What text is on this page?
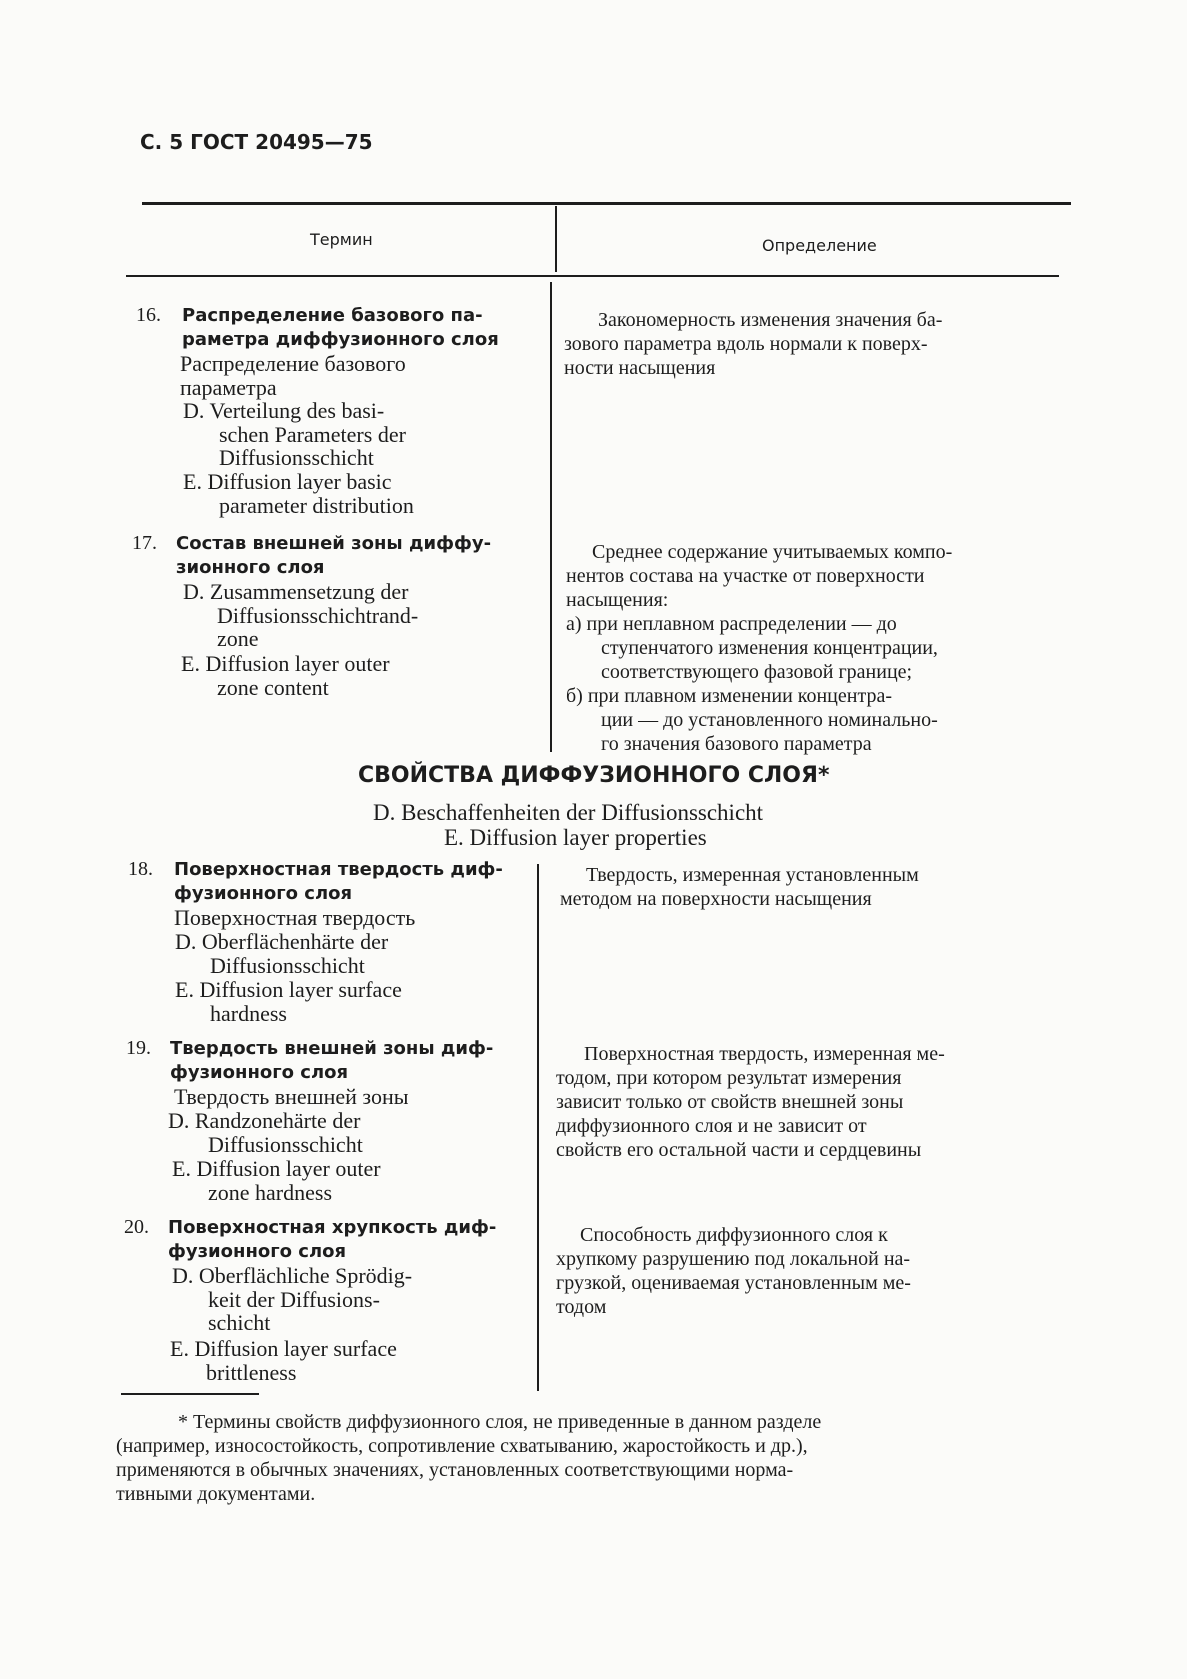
С. 5 ГОСТ 20495—75
Термин	Определение
16. Распределение базового па-
раметра диффузионного слоя
Распределение базового
параметра
D. Verteilung des basi-
schen Parameters der
Diffusionsschicht
E. Diffusion layer basic
parameter distribution
Закономерность изменения значения ба-
зового параметра вдоль нормали к поверх-
ности насыщения
17. Состав внешней зоны диффу-
зионного слоя
D. Zusammensetzung der
Diffusionsschichtrand-
zone
E. Diffusion layer outer
zone content
Среднее содержание учитываемых компо-
нентов состава на участке от поверхности
насыщения:
а) при неплавном распределении — до
ступенчатого изменения концентрации,
соответствующего фазовой границе;
б) при плавном изменении концентра-
ции — до установленного номинально-
го значения базового параметра
СВОЙСТВА ДИФФУЗИОННОГО СЛОЯ*
D. Beschaffenheiten der Diffusionsschicht
E. Diffusion layer properties
18. Поверхностная твердость диф-
фузионного слоя
Поверхностная твердость
D. Oberflächenhärte der
Diffusionsschicht
E. Diffusion layer surface
hardness
Твердость, измеренная установленным
методом на поверхности насыщения
19. Твердость внешней зоны диф-
фузионного слоя
Твердость внешней зоны
D. Randzonehärte der
Diffusionsschicht
E. Diffusion layer outer
zone hardness
Поверхностная твердость, измеренная ме-
тодом, при котором результат измерения
зависит только от свойств внешней зоны
диффузионного слоя и не зависит от
свойств его остальной части и сердцевины
20. Поверхностная хрупкость диф-
фузионного слоя
D. Oberflächliche Sprödig-
keit der Diffusions-
schicht
E. Diffusion layer surface
brittleness
Способность диффузионного слоя к
хрупкому разрушению под локальной на-
грузкой, оцениваемая установленным ме-
тодом
* Термины свойств диффузионного слоя, не приведенные в данном разделе
(например, износостойкость, сопротивление схватыванию, жаростойкость и др.),
применяются в обычных значениях, установленных соответствующими норма-
тивными документами.
